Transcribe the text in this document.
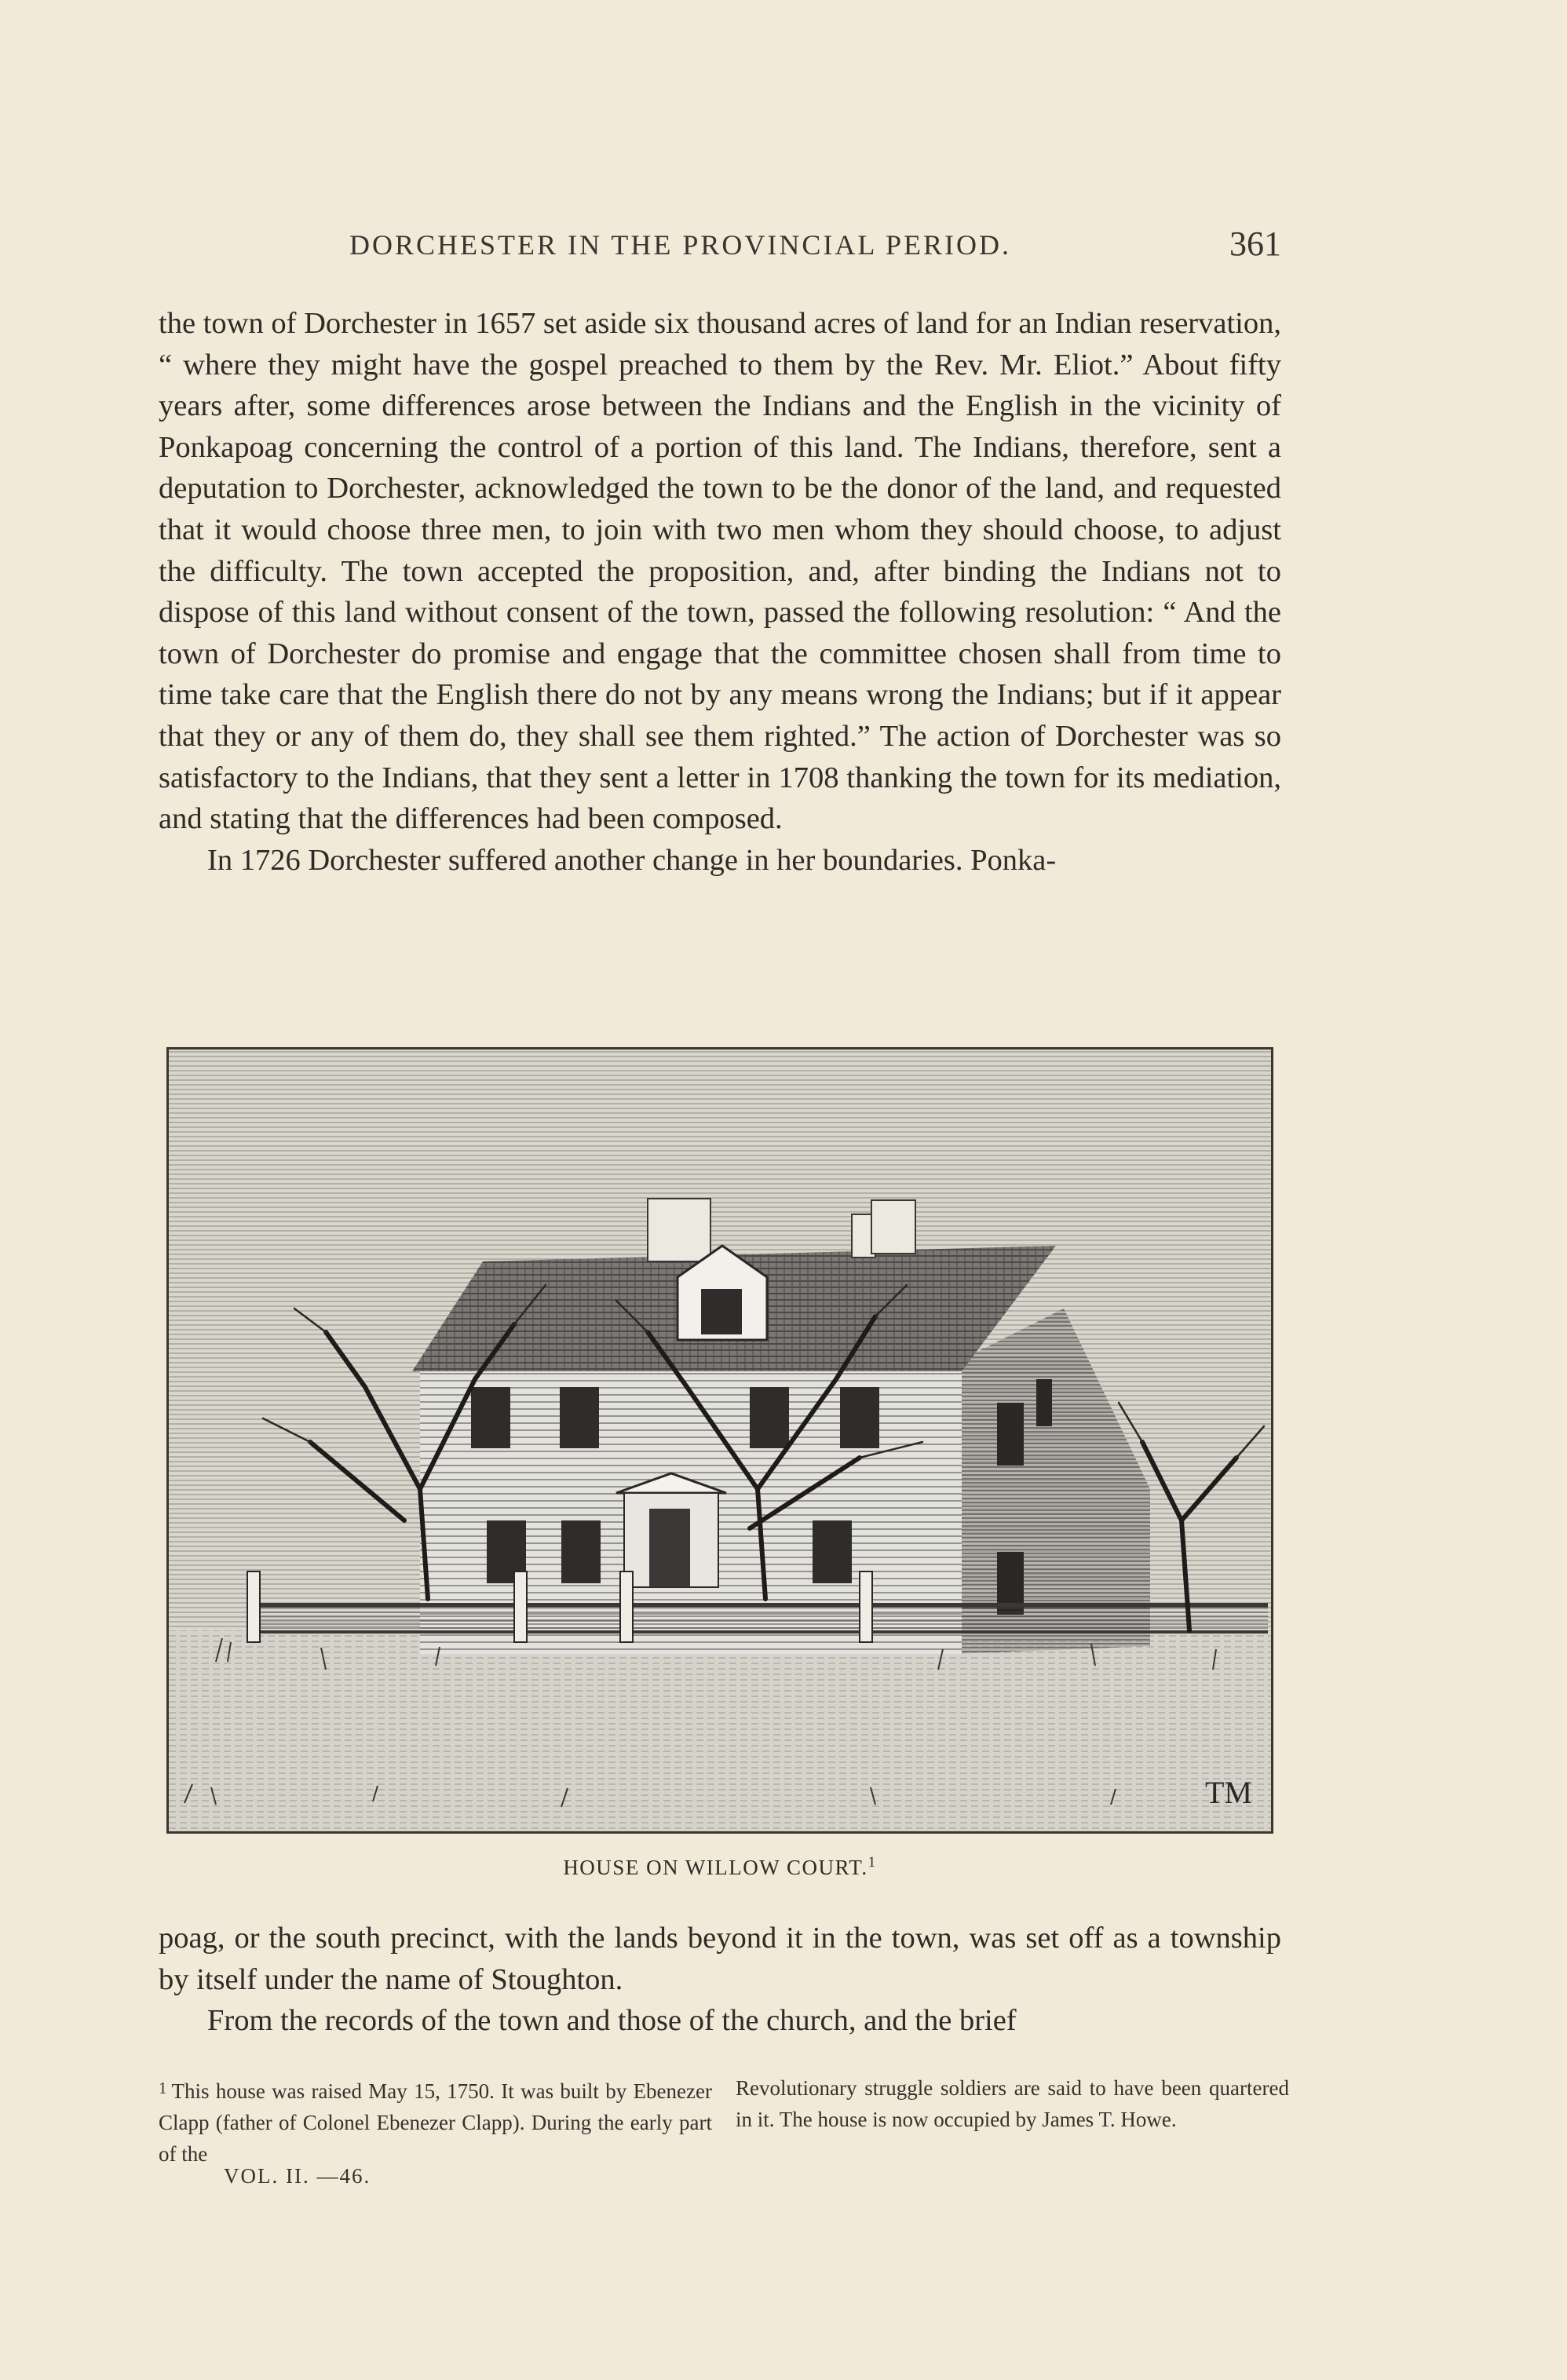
DORCHESTER IN THE PROVINCIAL PERIOD.	361

the town of Dorchester in 1657 set aside six thousand acres of land for an Indian reservation, “ where they might have the gospel preached to them by the Rev. Mr. Eliot.” About fifty years after, some differences arose between the Indians and the English in the vicinity of Ponkapoag concerning the control of a portion of this land. The Indians, therefore, sent a deputation to Dorchester, acknowledged the town to be the donor of the land, and requested that it would choose three men, to join with two men whom they should choose, to adjust the difficulty. The town accepted the proposition, and, after binding the Indians not to dispose of this land without consent of the town, passed the following resolution: “ And the town of Dorchester do promise and engage that the committee chosen shall from time to time take care that the English there do not by any means wrong the Indians; but if it appear that they or any of them do, they shall see them righted.” The action of Dorchester was so satisfactory to the Indians, that they sent a letter in 1708 thanking the town for its mediation, and stating that the differences had been composed.

In 1726 Dorchester suffered another change in her boundaries. Ponka-

TM
HOUSE ON WILLOW COURT.$^1$

poag, or the south precinct, with the lands beyond it in the town, was set off as a township by itself under the name of Stoughton.

From the records of the town and those of the church, and the brief

$^1$ This house was raised May 15, 1750. It was built by Ebenezer Clapp (father of Colonel Ebenezer Clapp). During the early part of the
Revolutionary struggle soldiers are said to have been quartered in it. The house is now occupied by James T. Howe.
VOL. II. —46.
